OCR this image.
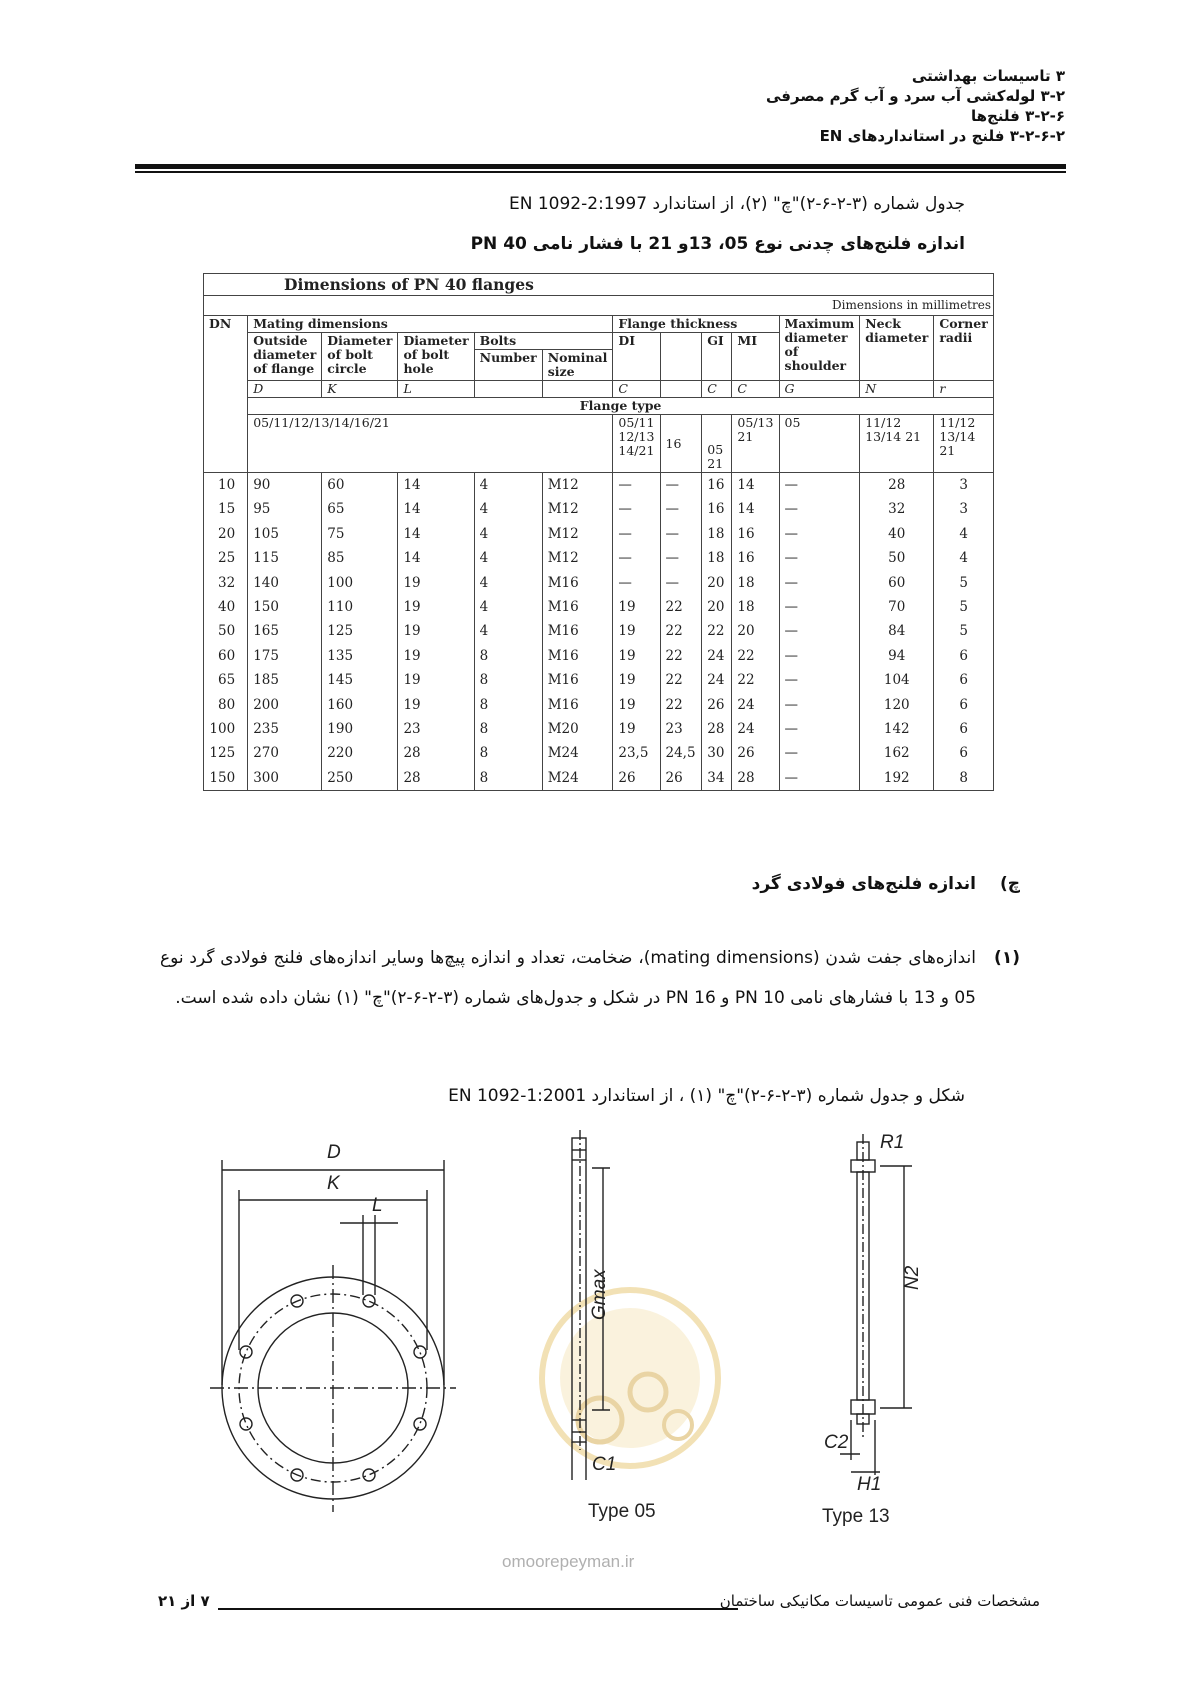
۳ تاسیسات بهداشتی
۳-۲ لوله‌کشی آب سرد و آب گرم مصرفی
۳-۲-۶ فلنج‌ها
۳-۲-۶-۲ فلنج در استانداردهای EN
جدول شماره (۳-۲-۶-۲)"چ" (۲)، از استاندارد EN 1092-2:1997
اندازه فلنج‌های چدنی نوع 05، 13و 21 با فشار نامی PN 40
Dimensions of PN 40 flanges												
Dimensions in millimetres												
DN	Mating dimensions					Flange thickness				Maximum diameter of shoulder	Neck diameter	Corner radii
	Outside diameter of flange	Diameter of bolt circle	Diameter of bolt hole	Bolts		DI		GI	MI			
				Number	Nominal size							
	D	K	L			C		C	C	G	N	r
	Flange type											
	05/11/12/13/14/16/21					05/11 12/13 14/21	16	05 21	05/13 21	05	11/12 13/14 21	11/12 13/14 21
10	90	60	14	4	M12	—	—	16	14	—	28	3
15	95	65	14	4	M12	—	—	16	14	—	32	3
20	105	75	14	4	M12	—	—	18	16	—	40	4
25	115	85	14	4	M12	—	—	18	16	—	50	4
32	140	100	19	4	M16	—	—	20	18	—	60	5
40	150	110	19	4	M16	19	22	20	18	—	70	5
50	165	125	19	4	M16	19	22	22	20	—	84	5
60	175	135	19	8	M16	19	22	24	22	—	94	6
65	185	145	19	8	M16	19	22	24	22	—	104	6
80	200	160	19	8	M16	19	22	26	24	—	120	6
100	235	190	23	8	M20	19	23	28	24	—	142	6
125	270	220	28	8	M24	23,5	24,5	30	26	—	162	6
150	300	250	28	8	M24	26	26	34	28	—	192	8
چ)اندازه فلنج‌های فولادی گرد
(۱)
اندازه‌های جفت شدن (mating dimensions)، ضخامت، تعداد و اندازه پیچ‌ها وسایر اندازه‌های فلنج فولادی گرد نوع 05 و 13 با فشارهای نامی PN 10 و PN 16 در شکل و جدول‌های شماره (۳-۲-۶-۲)"چ" (۱) نشان داده شده است.
شکل و جدول شماره (۳-۲-۶-۲)"چ" (۱) ، از استاندارد EN 1092-1:2001
D
K
L
Gmax
C1
Type 05
R1
N2
C2
H1
Type 13
omoorepeyman.ir
۷ از ۲۱	مشخصات فنی عمومی تاسیسات مکانیکی ساختمان
